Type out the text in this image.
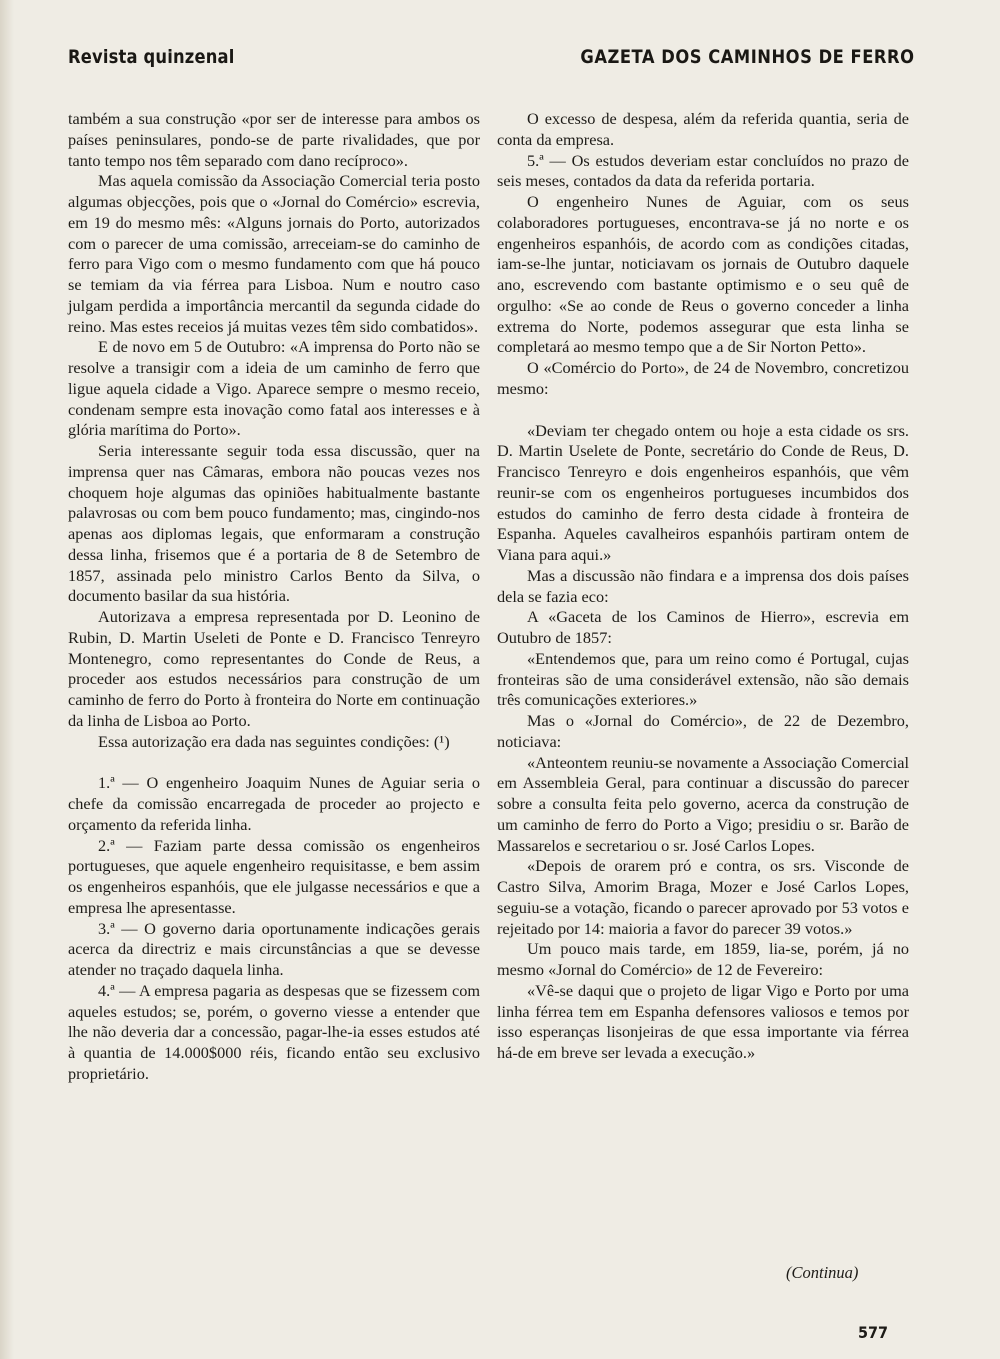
Revista quinzenal	GAZETA DOS CAMINHOS DE FERRO

também a sua construção «por ser de interesse para ambos os países peninsulares, pondo-se de parte rivalidades, que por tanto tempo nos têm separado com dano recíproco».

Mas aquela comissão da Associação Comercial teria posto algumas objecções, pois que o «Jornal do Comércio» escrevia, em 19 do mesmo mês: «Alguns jornais do Porto, autorizados com o parecer de uma comissão, arreceiam-se do caminho de ferro para Vigo com o mesmo fundamento com que há pouco se temiam da via férrea para Lisboa. Num e noutro caso julgam perdida a importância mercantil da segunda cidade do reino. Mas estes receios já muitas vezes têm sido combatidos».

E de novo em 5 de Outubro: «A imprensa do Porto não se resolve a transigir com a ideia de um caminho de ferro que ligue aquela cidade a Vigo. Aparece sempre o mesmo receio, condenam sempre esta inovação como fatal aos interesses e à glória marítima do Porto».

Seria interessante seguir toda essa discussão, quer na imprensa quer nas Câmaras, embora não poucas vezes nos choquem hoje algumas das opiniões habitualmente bastante palavrosas ou com bem pouco fundamento; mas, cingindo-nos apenas aos diplomas legais, que enformaram a construção dessa linha, frisemos que é a portaria de 8 de Setembro de 1857, assinada pelo ministro Carlos Bento da Silva, o documento basilar da sua história.

Autorizava a empresa representada por D. Leonino de Rubin, D. Martin Useleti de Ponte e D. Francisco Tenreyro Montenegro, como representantes do Conde de Reus, a proceder aos estudos necessários para construção de um caminho de ferro do Porto à fronteira do Norte em continuação da linha de Lisboa ao Porto.

Essa autorização era dada nas seguintes condições: (¹)

1.ª — O engenheiro Joaquim Nunes de Aguiar seria o chefe da comissão encarregada de proceder ao projecto e orçamento da referida linha.

2.ª — Faziam parte dessa comissão os engenheiros portugueses, que aquele engenheiro requisitasse, e bem assim os engenheiros espanhóis, que ele julgasse necessários e que a empresa lhe apresentasse.

3.ª — O governo daria oportunamente indicações gerais acerca da directriz e mais circunstâncias a que se devesse atender no traçado daquela linha.

4.ª — A empresa pagaria as despesas que se fizessem com aqueles estudos; se, porém, o governo viesse a entender que lhe não deveria dar a concessão, pagar-lhe-ia esses estudos até à quantia de 14.000$000 réis, ficando então seu exclusivo proprietário.

O excesso de despesa, além da referida quantia, seria de conta da empresa.

5.ª — Os estudos deveriam estar concluídos no prazo de seis meses, contados da data da referida portaria.

O engenheiro Nunes de Aguiar, com os seus colaboradores portugueses, encontrava-se já no norte e os engenheiros espanhóis, de acordo com as condições citadas, iam-se-lhe juntar, noticiavam os jornais de Outubro daquele ano, escrevendo com bastante optimismo e o seu quê de orgulho: «Se ao conde de Reus o governo conceder a linha extrema do Norte, podemos assegurar que esta linha se completará ao mesmo tempo que a de Sir Norton Petto».

O «Comércio do Porto», de 24 de Novembro, concretizou mesmo:

«Deviam ter chegado ontem ou hoje a esta cidade os srs. D. Martin Uselete de Ponte, secretário do Conde de Reus, D. Francisco Tenreyro e dois engenheiros espanhóis, que vêm reunir-se com os engenheiros portugueses incumbidos dos estudos do caminho de ferro desta cidade à fronteira de Espanha. Aqueles cavalheiros espanhóis partiram ontem de Viana para aqui.»

Mas a discussão não findara e a imprensa dos dois países dela se fazia eco:

A «Gaceta de los Caminos de Hierro», escrevia em Outubro de 1857:

«Entendemos que, para um reino como é Portugal, cujas fronteiras são de uma considerável extensão, não são demais três comunicações exteriores.»

Mas o «Jornal do Comércio», de 22 de Dezembro, noticiava:

«Anteontem reuniu-se novamente a Associação Comercial em Assembleia Geral, para continuar a discussão do parecer sobre a consulta feita pelo governo, acerca da construção de um caminho de ferro do Porto a Vigo; presidiu o sr. Barão de Massarelos e secretariou o sr. José Carlos Lopes.

«Depois de orarem pró e contra, os srs. Visconde de Castro Silva, Amorim Braga, Mozer e José Carlos Lopes, seguiu-se a votação, ficando o parecer aprovado por 53 votos e rejeitado por 14: maioria a favor do parecer 39 votos.»

Um pouco mais tarde, em 1859, lia-se, porém, já no mesmo «Jornal do Comércio» de 12 de Fevereiro:

«Vê-se daqui que o projeto de ligar Vigo e Porto por uma linha férrea tem em Espanha defensores valiosos e temos por isso esperanças lisonjeiras de que essa importante via férrea há-de em breve ser levada a execução.»

(Continua)
577
